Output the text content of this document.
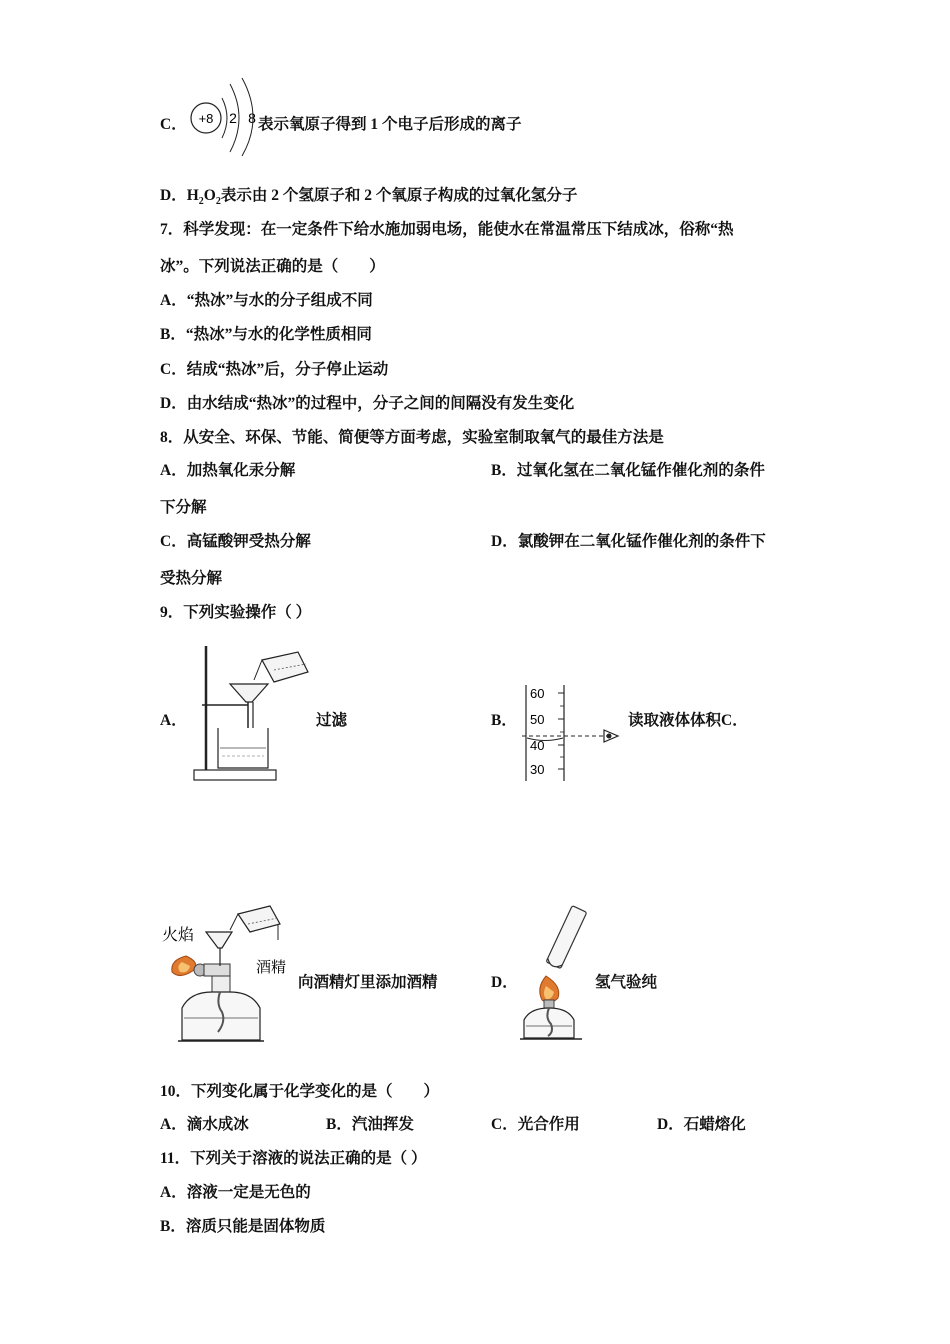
C． +8 2 8 表示氧原子得到 1 个电子后形成的离子
D．$H_2O_2$表示由 2 个氢原子和 2 个氧原子构成的过氧化氢分子
7．科学发现：在一定条件下给水施加弱电场，能使水在常温常压下结成冰，俗称“热
冰”。下列说法正确的是（　　）
A．“热冰”与水的分子组成不同
B．“热冰”与水的化学性质相同
C．结成“热冰”后，分子停止运动
D．由水结成“热冰”的过程中，分子之间的间隔没有发生变化
8．从安全、环保、节能、简便等方面考虑，实验室制取氧气的最佳方法是
A．加热氧化汞分解	B．过氧化氢在二氧化锰作催化剂的条件
下分解
C．高锰酸钾受热分解	D．氯酸钾在二氧化锰作催化剂的条件下
受热分解
9．下列实验操作（ ）
A．	过滤	B．
60
50
40
30
读取液体体积C．
火焰
酒精
向酒精灯里添加酒精	D．	氢气验纯
10．下列变化属于化学变化的是（　　）
A．滴水成冰	B．汽油挥发	C．光合作用	D．石蜡熔化
11．下列关于溶液的说法正确的是（ ）
A．溶液一定是无色的
B．溶质只能是固体物质
